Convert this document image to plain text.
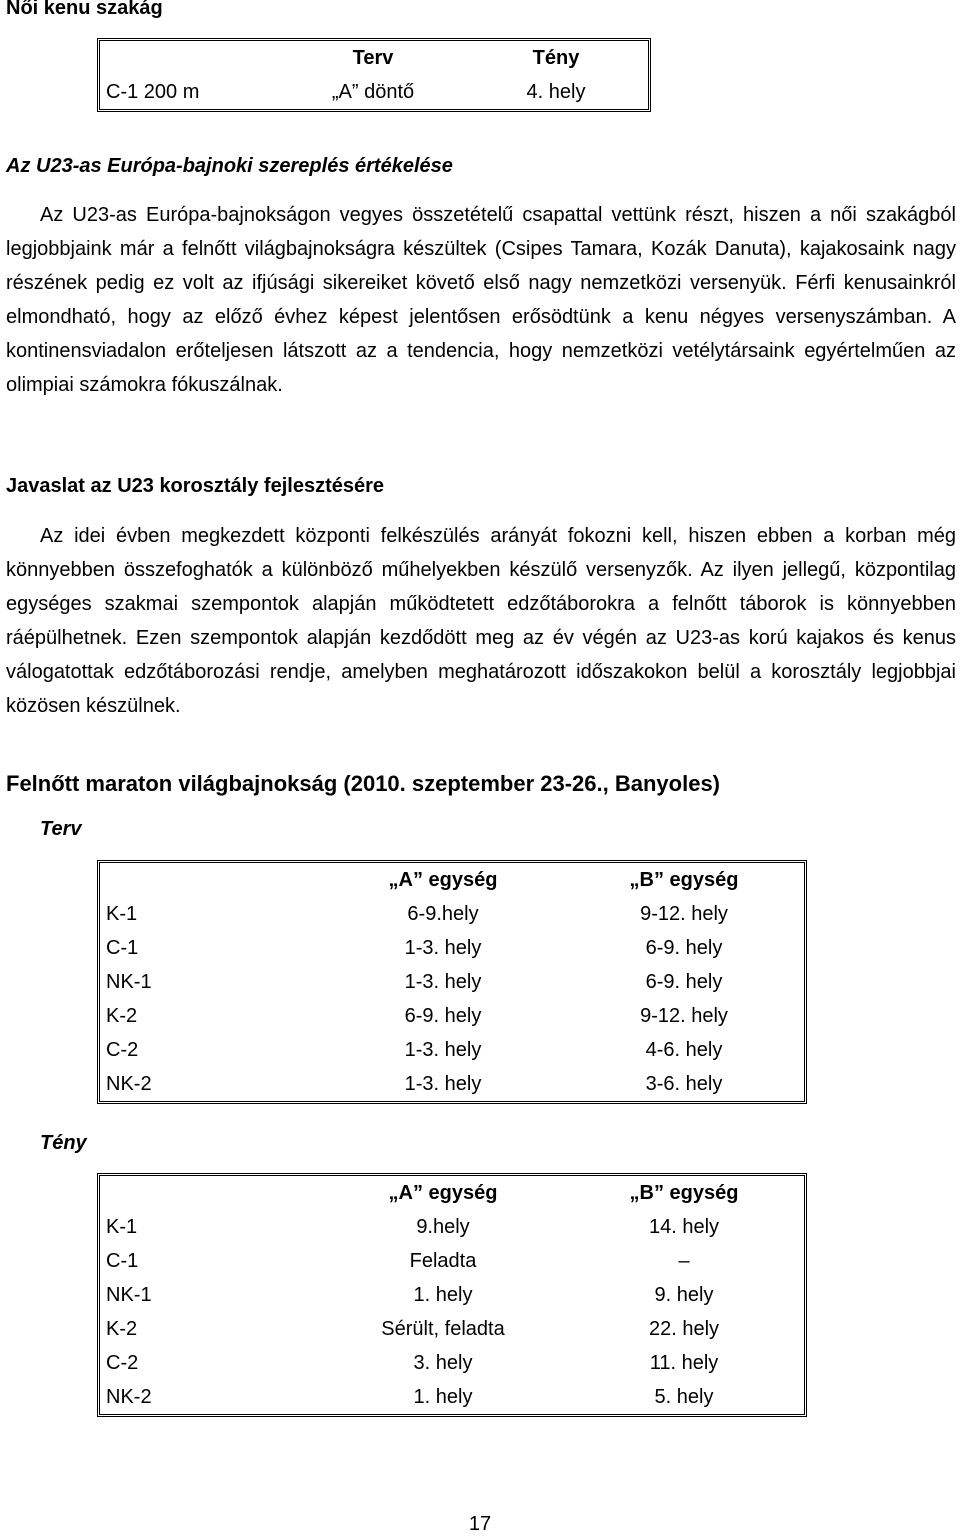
Női kenu szakág
	Terv	Tény
C-1 200 m	„A” döntő	4. hely
Az U23-as Európa-bajnoki szereplés értékelése
Az U23-as Európa-bajnokságon vegyes összetételű csapattal vettünk részt, hiszen a női szakágból legjobbjaink már a felnőtt világbajnokságra készültek (Csipes Tamara, Kozák Danuta), kajakosaink nagy részének pedig ez volt az ifjúsági sikereiket követő első nagy nemzetközi versenyük. Férfi kenusainkról elmondható, hogy az előző évhez képest jelentősen erősödtünk a kenu négyes versenyszámban. A kontinensviadalon erőteljesen látszott az a tendencia, hogy nemzetközi vetélytársaink egyértelműen az olimpiai számokra fókuszálnak.
Javaslat az U23 korosztály fejlesztésére
Az idei évben megkezdett központi felkészülés arányát fokozni kell, hiszen ebben a korban még könnyebben összefoghatók a különböző műhelyekben készülő versenyzők. Az ilyen jellegű, központilag egységes szakmai szempontok alapján működtetett edzőtáborokra a felnőtt táborok is könnyebben ráépülhetnek. Ezen szempontok alapján kezdődött meg az év végén az U23-as korú kajakos és kenus válogatottak edzőtáborozási rendje, amelyben meghatározott időszakokon belül a korosztály legjobbjai közösen készülnek.
Felnőtt maraton világbajnokság (2010. szeptember 23-26., Banyoles)
Terv
	„A” egység	„B” egység
K-1	6-9.hely	9-12. hely
C-1	1-3. hely	6-9. hely
NK-1	1-3. hely	6-9. hely
K-2	6-9. hely	9-12. hely
C-2	1-3. hely	4-6. hely
NK-2	1-3. hely	3-6. hely
Tény
	„A” egység	„B” egység
K-1	9.hely	14. hely
C-1	Feladta	–
NK-1	1. hely	9. hely
K-2	Sérült, feladta	22. hely
C-2	3. hely	11. hely
NK-2	1. hely	5. hely
17
